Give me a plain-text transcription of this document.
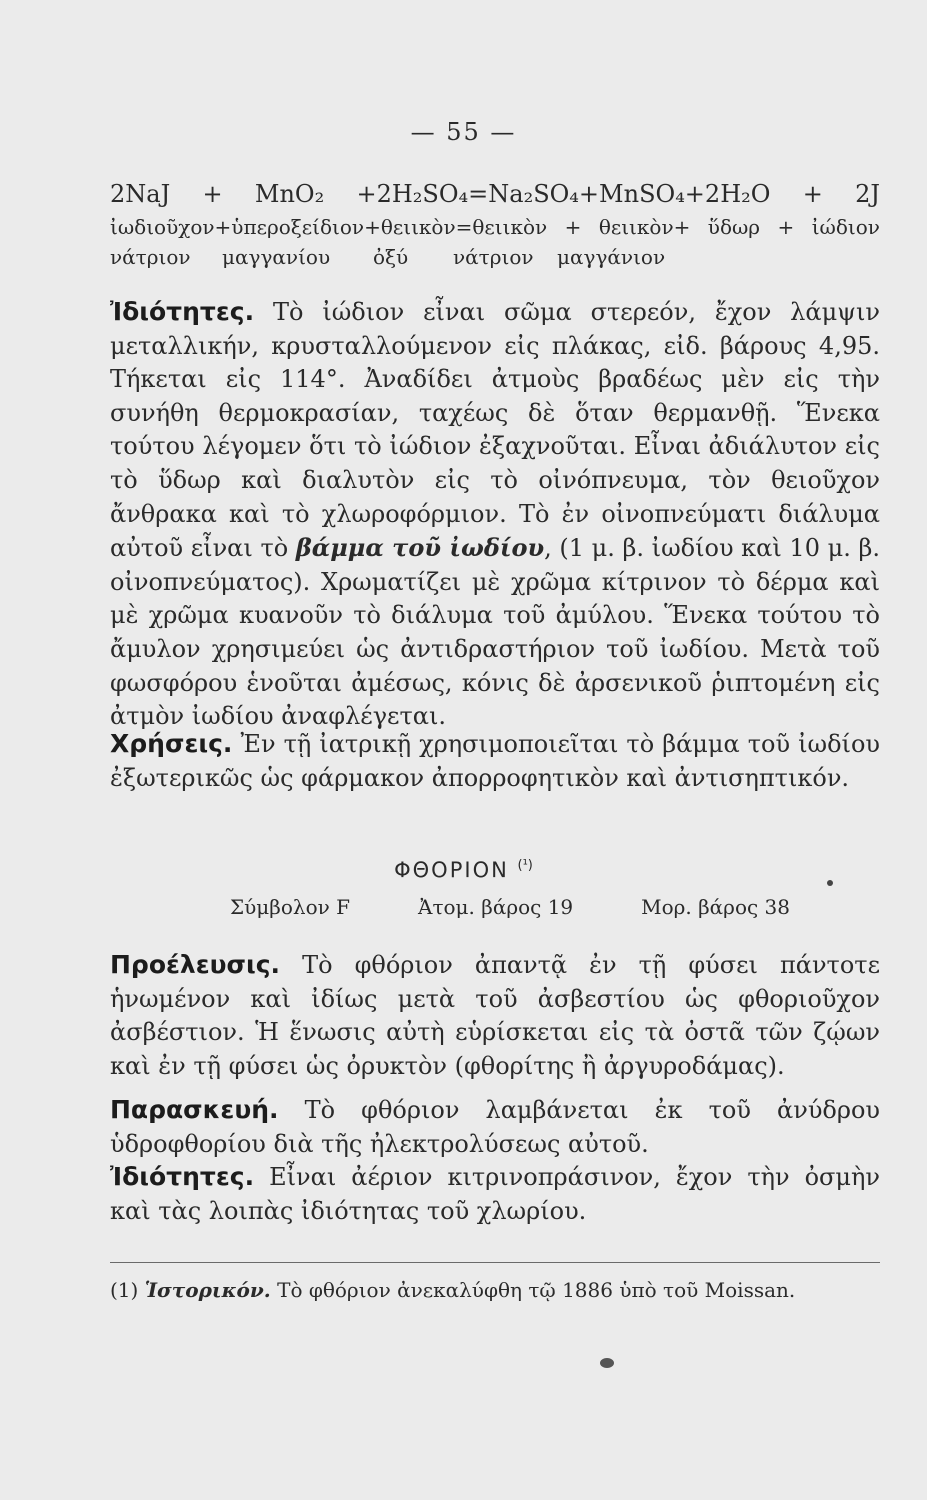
— 55 —
2NaJ + MnO₂ +2H₂SO₄=Na₂SO₄+MnSO₄+2H₂O + 2J
ἰωδιοῦχον+ὑπεροξείδιον+θειικὸν=θειικὸν + θειικὸν+ ὕδωρ + ἰώδιον
νάτριον μαγγανίου ὀξύ νάτριον μαγγάνιον
Ἰδιότητες. Τὸ ἰώδιον εἶναι σῶμα στερεόν, ἔχον λάμψιν μεταλλικήν, κρυσταλλούμενον εἰς πλάκας, εἰδ. βάρους 4,95. Τήκεται εἰς 114°. Ἀναδίδει ἀτμοὺς βραδέως μὲν εἰς τὴν συνήθη θερμοκρασίαν, ταχέως δὲ ὅταν θερμανθῇ. Ἕνεκα τούτου λέγομεν ὅτι τὸ ἰώδιον ἐξαχνοῦται. Εἶναι ἀδιάλυτον εἰς τὸ ὕδωρ καὶ διαλυτὸν εἰς τὸ οἰνόπνευμα, τὸν θειοῦχον ἄνθρακα καὶ τὸ χλωροφόρμιον. Τὸ ἐν οἰνοπνεύματι διάλυμα αὐτοῦ εἶναι τὸ βάμμα τοῦ ἰωδίου, (1 μ. β. ἰωδίου καὶ 10 μ. β. οἰνοπνεύματος). Χρωματίζει μὲ χρῶμα κίτρινον τὸ δέρμα καὶ μὲ χρῶμα κυανοῦν τὸ διάλυμα τοῦ ἀμύλου. Ἕνεκα τούτου τὸ ἄμυλον χρησιμεύει ὡς ἀντιδραστήριον τοῦ ἰωδίου. Μετὰ τοῦ φωσφόρου ἑνοῦται ἀμέσως, κόνις δὲ ἀρσενικοῦ ῥιπτομένη εἰς ἀτμὸν ἰωδίου ἀναφλέγεται.
Χρήσεις. Ἐν τῇ ἰατρικῇ χρησιμοποιεῖται τὸ βάμμα τοῦ ἰωδίου ἐξωτερικῶς ὡς φάρμακον ἀπορροφητικὸν καὶ ἀντισηπτικόν.
ΦΘΟΡΙΟΝ $^{(^1)}$
Σύμβολον F	Ἀτομ. βάρος 19	Μορ. βάρος 38
Προέλευσις. Τὸ φθόριον ἀπαντᾷ ἐν τῇ φύσει πάντοτε ἡνωμένον καὶ ἰδίως μετὰ τοῦ ἀσβεστίου ὡς φθοριοῦχον ἀσβέστιον. Ἡ ἕνωσις αὐτὴ εὑρίσκεται εἰς τὰ ὀστᾶ τῶν ζῴων καὶ ἐν τῇ φύσει ὡς ὀρυκτὸν (φθορίτης ἢ ἀργυροδάμας).
Παρασκευή. Τὸ φθόριον λαμβάνεται ἐκ τοῦ ἀνύδρου ὑδροφθορίου διὰ τῆς ἠλεκτρολύσεως αὐτοῦ.
Ἰδιότητες. Εἶναι ἀέριον κιτρινοπράσινον, ἔχον τὴν ὀσμὴν καὶ τὰς λοιπὰς ἰδιότητας τοῦ χλωρίου.
(1) Ἱστορικόν. Τὸ φθόριον ἀνεκαλύφθη τῷ 1886 ὑπὸ τοῦ Moissan.
